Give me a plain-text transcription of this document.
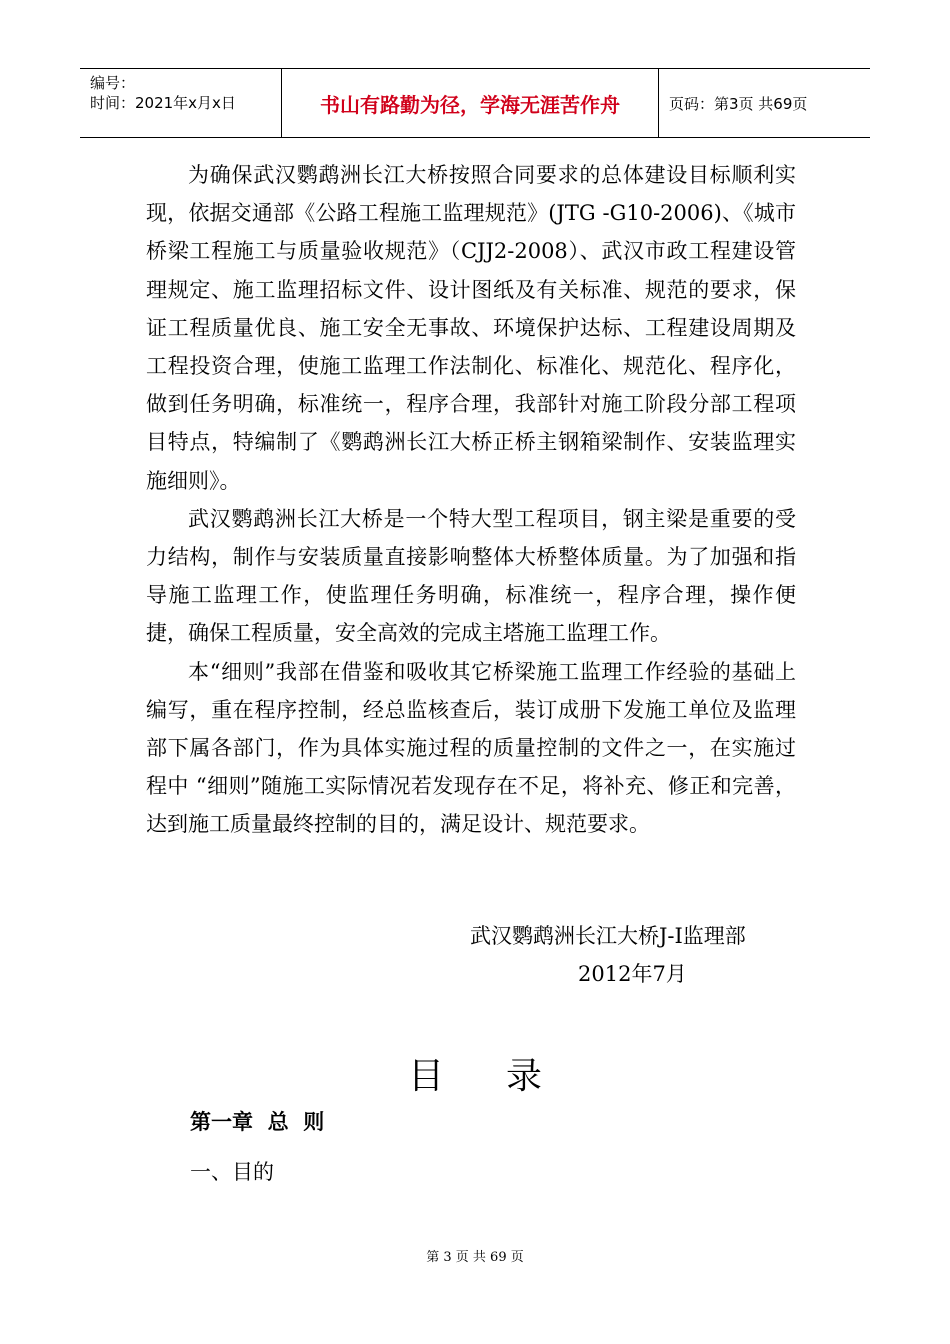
编号：
时间：2021年x月x日	书山有路勤为径，学海无涯苦作舟	页码：第3页 共69页

为确保武汉鹦鹉洲长江大桥按照合同要求的总体建设目标顺利实现，依据交通部《公路工程施工监理规范》(JTG -G10-2006)、《城市桥梁工程施工与质量验收规范》（CJJ2-2008）、武汉市政工程建设管理规定、施工监理招标文件、设计图纸及有关标准、规范的要求，保证工程质量优良、施工安全无事故、环境保护达标、工程建设周期及工程投资合理，使施工监理工作法制化、标准化、规范化、程序化，做到任务明确，标准统一，程序合理，我部针对施工阶段分部工程项目特点，特编制了《鹦鹉洲长江大桥正桥主钢箱梁制作、安装监理实施细则》。

武汉鹦鹉洲长江大桥是一个特大型工程项目，钢主梁是重要的受力结构，制作与安装质量直接影响整体大桥整体质量。为了加强和指导施工监理工作，使监理任务明确，标准统一，程序合理，操作便捷，确保工程质量，安全高效的完成主塔施工监理工作。

本“细则”我部在借鉴和吸收其它桥梁施工监理工作经验的基础上编写，重在程序控制，经总监核查后，装订成册下发施工单位及监理部下属各部门，作为具体实施过程的质量控制的文件之一，在实施过程中 “细则”随施工实际情况若发现存在不足，将补充、修正和完善，达到施工质量最终控制的目的，满足设计、规范要求。

武汉鹦鹉洲长江大桥J-I监理部
2012年7月
目录
第一章  总  则
一、目的
第 3 页 共 69 页
